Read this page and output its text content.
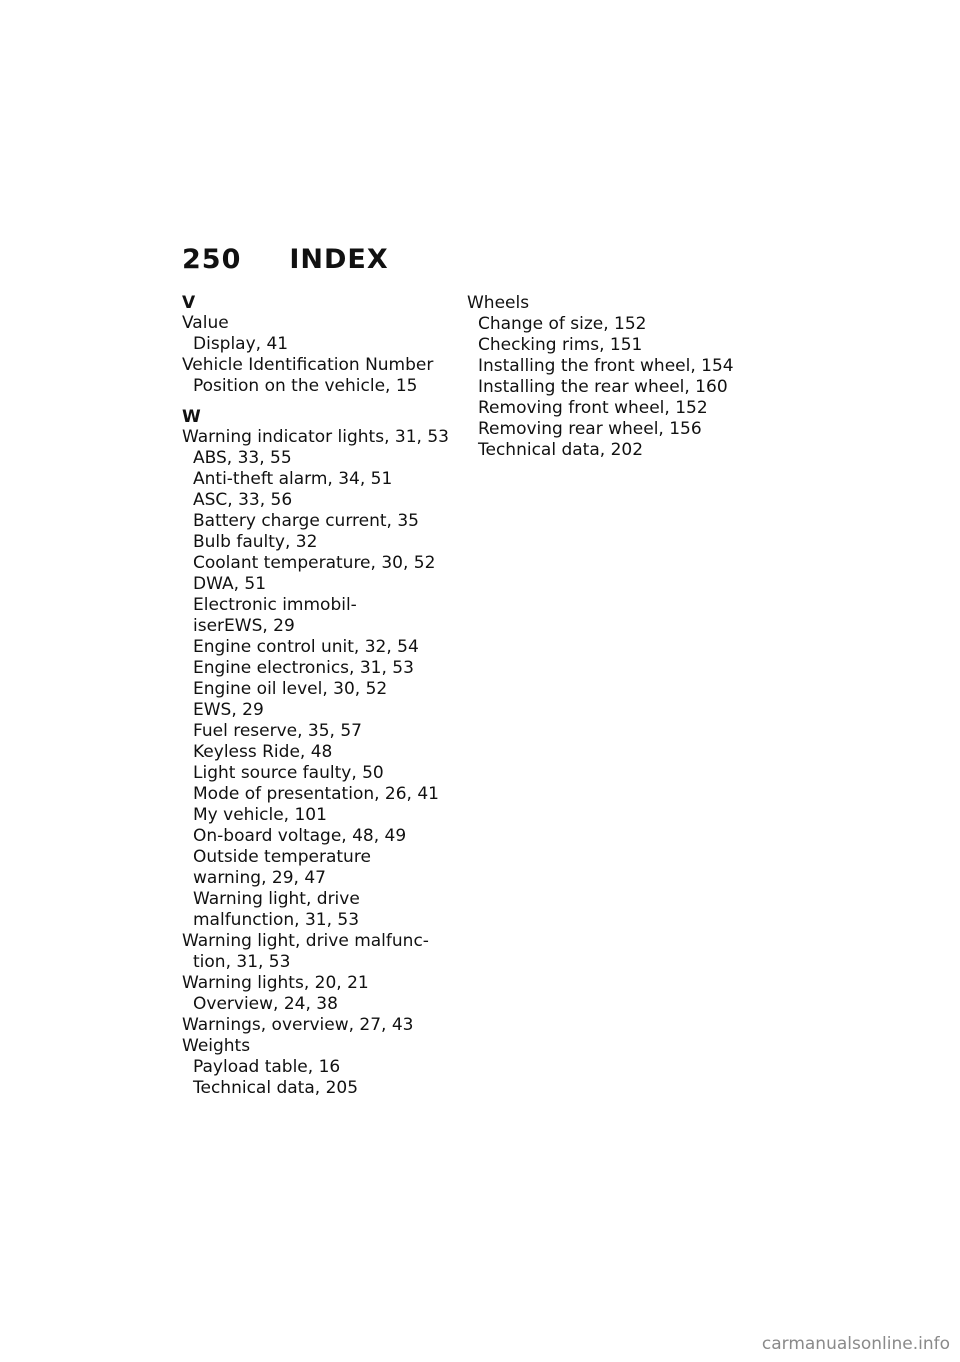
250 INDEX
V
Value
Display, 41
Vehicle Identification Number
Position on the vehicle, 15
W
Warning indicator lights, 31, 53
ABS, 33, 55
Anti-theft alarm, 34, 51
ASC, 33, 56
Battery charge current, 35
Bulb faulty, 32
Coolant temperature, 30, 52
DWA, 51
Electronic immobil-
iserEWS, 29
Engine control unit, 32, 54
Engine electronics, 31, 53
Engine oil level, 30, 52
EWS, 29
Fuel reserve, 35, 57
Keyless Ride, 48
Light source faulty, 50
Mode of presentation, 26, 41
My vehicle, 101
On-board voltage, 48, 49
Outside temperature
warning, 29, 47
Warning light, drive
malfunction, 31, 53
Warning light, drive malfunc-
tion, 31, 53
Warning lights, 20, 21
Overview, 24, 38
Warnings, overview, 27, 43
Weights
Payload table, 16
Technical data, 205
Wheels
Change of size, 152
Checking rims, 151
Installing the front wheel, 154
Installing the rear wheel, 160
Removing front wheel, 152
Removing rear wheel, 156
Technical data, 202
carmanualsonline.info
